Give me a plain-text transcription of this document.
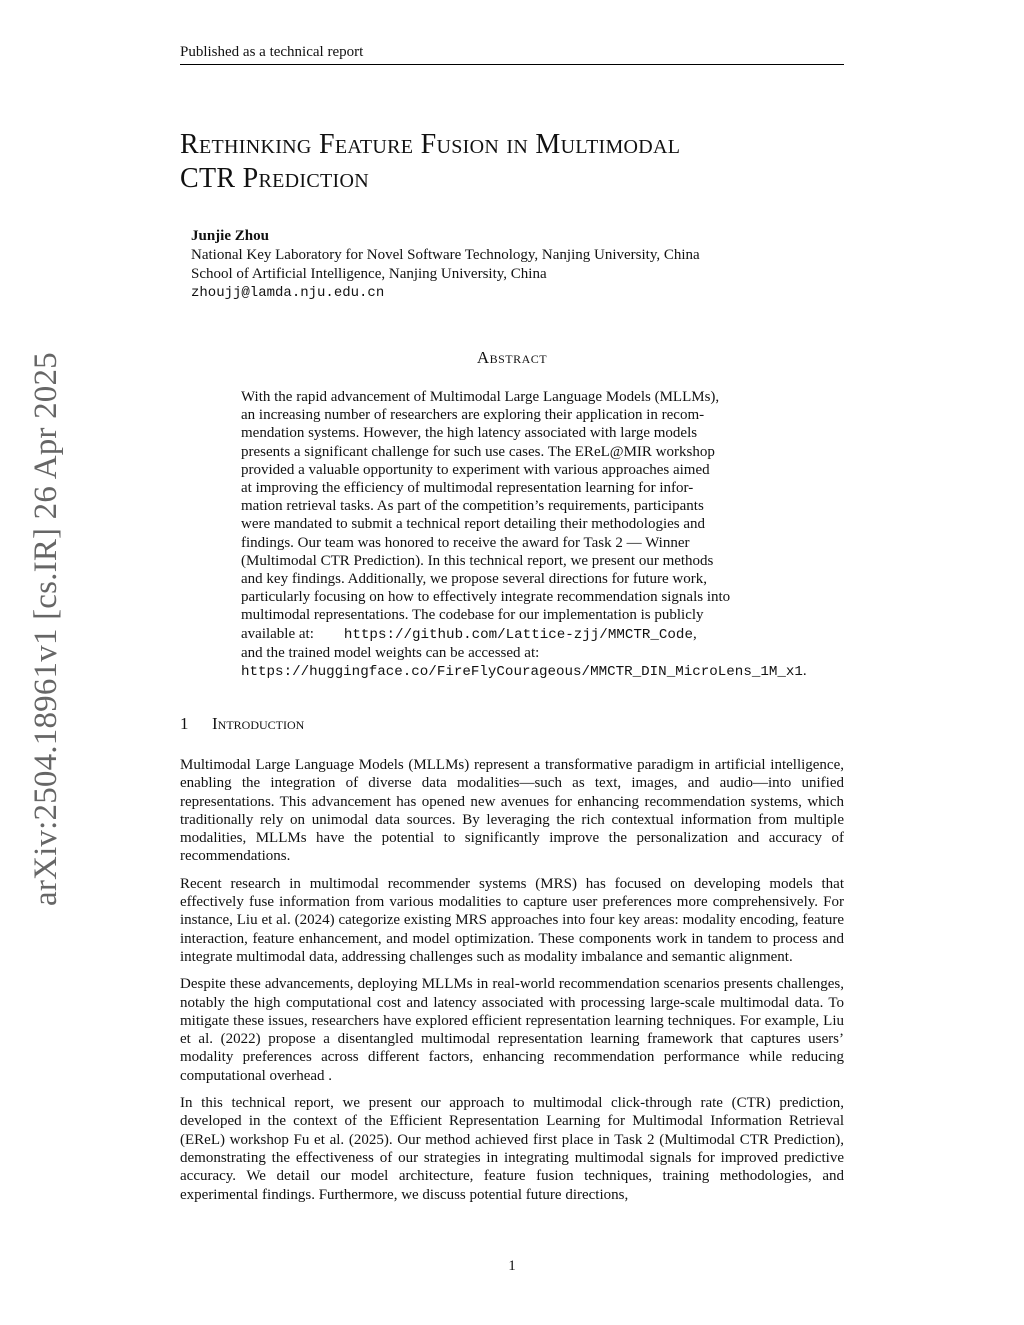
Published as a technical report
arXiv:2504.18961v1 [cs.IR] 26 Apr 2025
Rethinking Feature Fusion in Multimodal
CTR Prediction
Junjie Zhou
National Key Laboratory for Novel Software Technology, Nanjing University, China
School of Artificial Intelligence, Nanjing University, China
zhoujj@lamda.nju.edu.cn
Abstract
With the rapid advancement of Multimodal Large Language Models (MLLMs),
an increasing number of researchers are exploring their application in recom-
mendation systems. However, the high latency associated with large models
presents a significant challenge for such use cases. The EReL@MIR workshop
provided a valuable opportunity to experiment with various approaches aimed
at improving the efficiency of multimodal representation learning for infor-
mation retrieval tasks. As part of the competition’s requirements, participants
were mandated to submit a technical report detailing their methodologies and
findings. Our team was honored to receive the award for Task 2 — Winner
(Multimodal CTR Prediction). In this technical report, we present our methods
and key findings. Additionally, we propose several directions for future work,
particularly focusing on how to effectively integrate recommendation signals into
multimodal representations. The codebase for our implementation is publicly
available at: https://github.com/Lattice-zjj/MMCTR_Code,
and the trained model weights can be accessed at:
https://huggingface.co/FireFlyCourageous/MMCTR_DIN_MicroLens_1M_x1.
1 Introduction

Multimodal Large Language Models (MLLMs) represent a transformative paradigm in artificial intelligence, enabling the integration of diverse data modalities—such as text, images, and audio—into unified representations. This advancement has opened new avenues for enhancing recommendation systems, which traditionally rely on unimodal data sources. By leveraging the rich contextual information from multiple modalities, MLLMs have the potential to significantly improve the personalization and accuracy of recommendations.

Recent research in multimodal recommender systems (MRS) has focused on developing models that effectively fuse information from various modalities to capture user preferences more comprehensively. For instance, Liu et al. (2024) categorize existing MRS approaches into four key areas: modality encoding, feature interaction, feature enhancement, and model optimization. These components work in tandem to process and integrate multimodal data, addressing challenges such as modality imbalance and semantic alignment.

Despite these advancements, deploying MLLMs in real-world recommendation scenarios presents challenges, notably the high computational cost and latency associated with processing large-scale multimodal data. To mitigate these issues, researchers have explored efficient representation learning techniques. For example, Liu et al. (2022) propose a disentangled multimodal representation learning framework that captures users’ modality preferences across different factors, enhancing recommendation performance while reducing computational overhead .

In this technical report, we present our approach to multimodal click-through rate (CTR) prediction, developed in the context of the Efficient Representation Learning for Multimodal Information Retrieval (EReL) workshop Fu et al. (2025). Our method achieved first place in Task 2 (Multimodal CTR Prediction), demonstrating the effectiveness of our strategies in integrating multimodal signals for improved predictive accuracy. We detail our model architecture, feature fusion techniques, training methodologies, and experimental findings. Furthermore, we discuss potential future directions,

1
